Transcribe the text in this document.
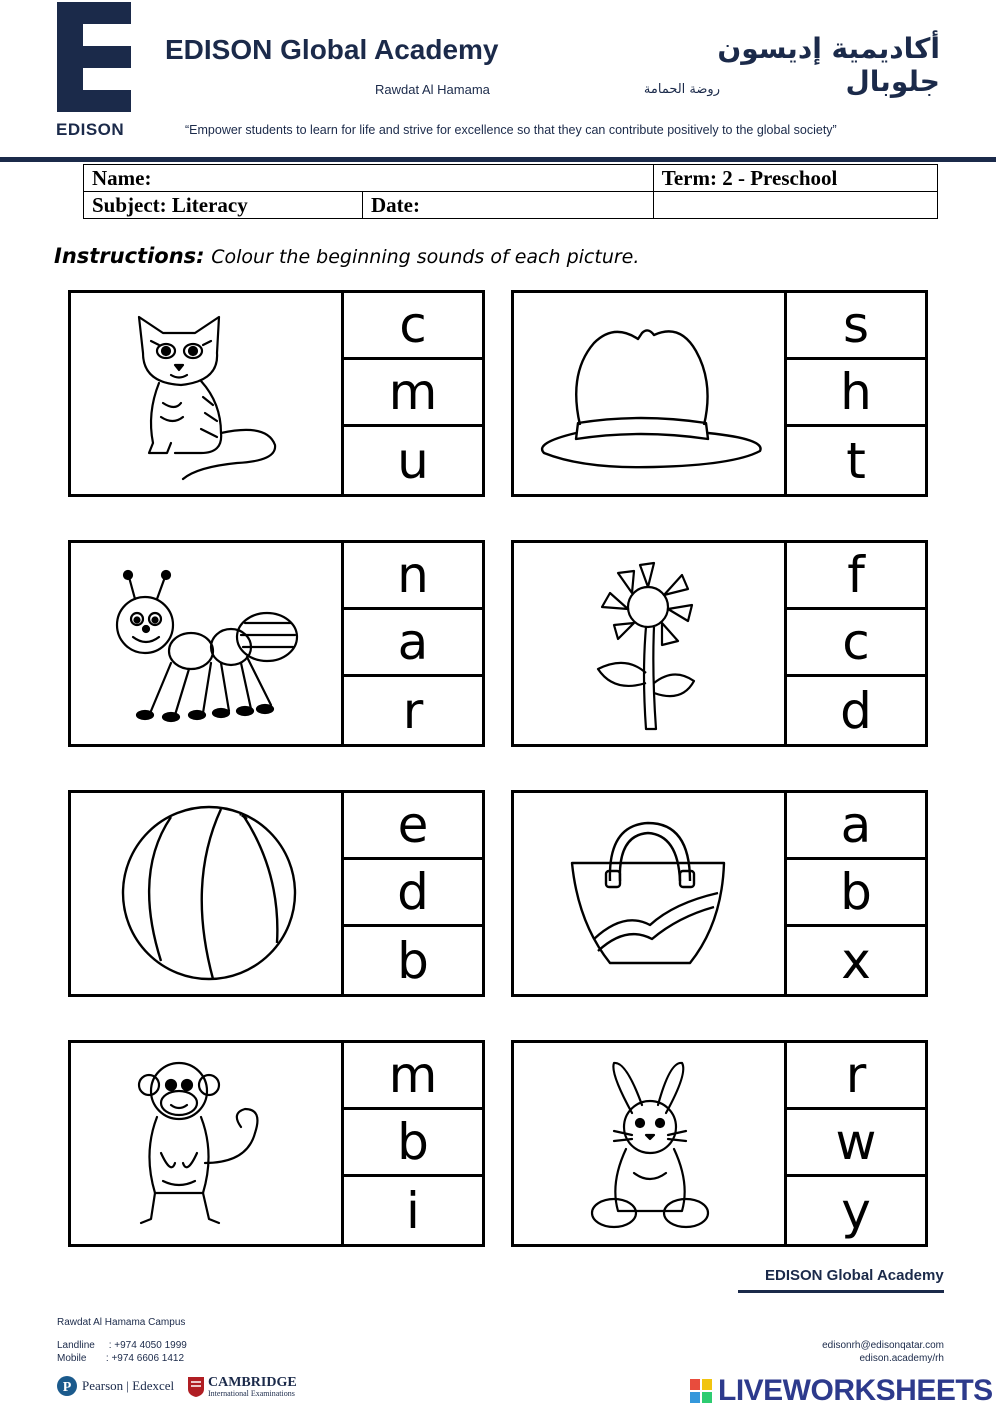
EDISON
EDISON Global Academy
Rawdat Al Hamama
أكاديمية إديسون جلوبال
روضة الحمامة
“Empower students to learn for life and strive for excellence so that they can contribute positively to the global society”
Name:		Term: 2 - Preschool
Subject: Literacy	Date:	
Instructions: Colour the beginning sounds of each picture.
c
m
u
s
h
t
n
a
r
f
c
d
e
d
b
a
b
x
m
b
i
r
w
y
EDISON Global Academy
Rawdat Al Hamama Campus
Landline     : +974 4050 1999
Mobile       : +974 6606 1412
edisonrh@edisonqatar.com
edison.academy/rh
P Pearson | Edexcel CAMBRIDGE
International Examinations	LIVEWORKSHEETS
